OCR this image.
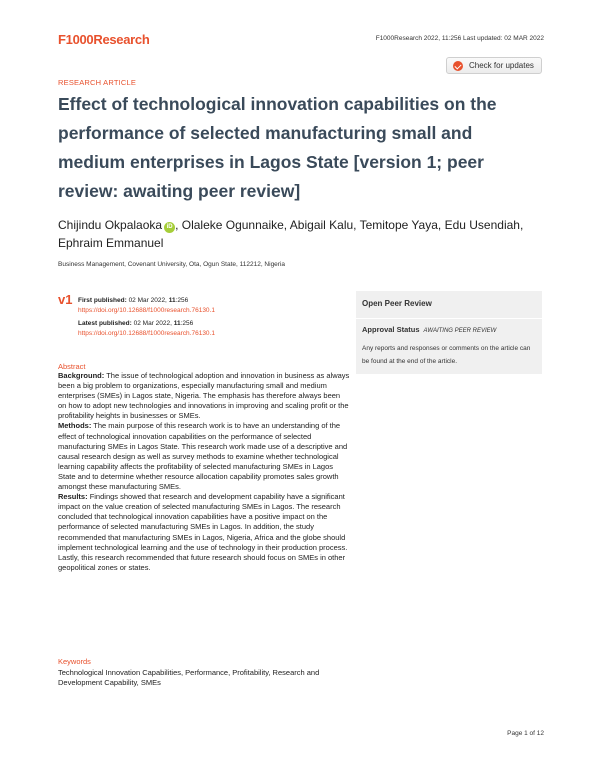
F1000Research	F1000Research 2022, 11:256 Last updated: 02 MAR 2022
RESEARCH ARTICLE
Check for updates
Effect of technological innovation capabilities on the performance of selected manufacturing small and medium enterprises in Lagos State [version 1; peer review: awaiting peer review]
Chijindu Okpalaoka iD , Olaleke Ogunnaike, Abigail Kalu, Temitope Yaya, Edu Usendiah, Ephraim Emmanuel
Business Management, Covenant University, Ota, Ogun State, 112212, Nigeria
v1 First published: 02 Mar 2022, 11:256
https://doi.org/10.12688/f1000research.76130.1
Latest published: 02 Mar 2022, 11:256
https://doi.org/10.12688/f1000research.76130.1
Open Peer Review
Approval Status AWAITING PEER REVIEW
Any reports and responses or comments on the article can be found at the end of the article.
Abstract

Background: The issue of technological adoption and innovation in business as always been a big problem to organizations, especially manufacturing small and medium enterprises (SMEs) in Lagos state, Nigeria. The emphasis has therefore always been on how to adopt new technologies and innovations in improving and scaling profit or the profitability heights in businesses or SMEs.

Methods: The main purpose of this research work is to have an understanding of the effect of technological innovation capabilities on the performance of selected manufacturing SMEs in Lagos State. This research work made use of a descriptive and causal research design as well as survey methods to examine whether technological learning capability affects the profitability of selected manufacturing SMEs in Lagos State and to determine whether resource allocation capability promotes sales growth amongst these manufacturing SMEs.

Results: Findings showed that research and development capability have a significant impact on the value creation of selected manufacturing SMEs in Lagos. The research concluded that technological innovation capabilities have a positive impact on the performance of selected manufacturing SMEs in Lagos. In addition, the study recommended that manufacturing SMEs in Lagos, Nigeria, Africa and the globe should implement technological learning and the use of technology in their production process. Lastly, this research recommended that future research should focus on SMEs in other geopolitical zones or states.

Keywords
Technological Innovation Capabilities, Performance, Profitability, Research and Development Capability, SMEs
Page 1 of 12
